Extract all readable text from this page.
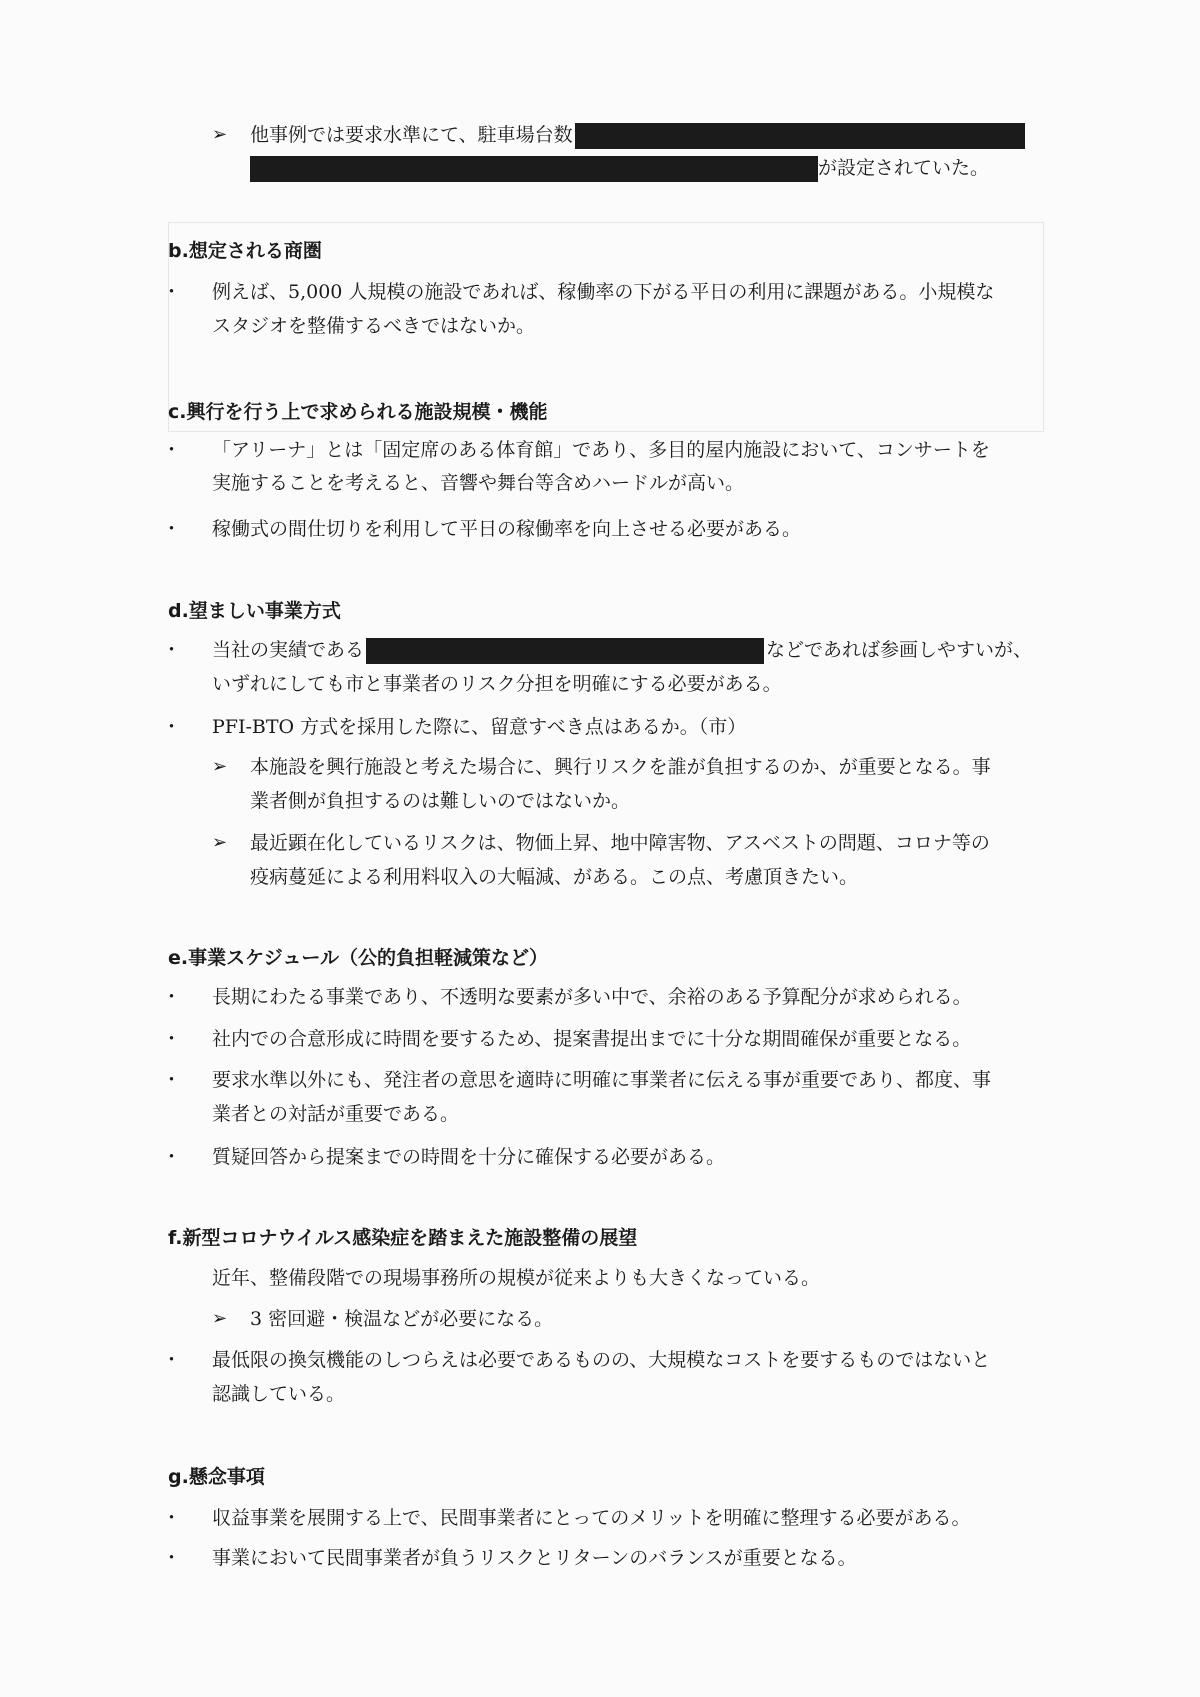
➢ 他事例では要求水準にて、駐車場台数
が設定されていた。
b.想定される商圏
・ 例えば、5,000 人規模の施設であれば、稼働率の下がる平日の利用に課題がある。小規模な
スタジオを整備するべきではないか。
c.興行を行う上で求められる施設規模・機能
・ 「アリーナ」とは「固定席のある体育館」であり、多目的屋内施設において、コンサートを
実施することを考えると、音響や舞台等含めハードルが高い。
・ 稼働式の間仕切りを利用して平日の稼働率を向上させる必要がある。
d.望ましい事業方式
・ 当社の実績である	などであれば参画しやすいが、
いずれにしても市と事業者のリスク分担を明確にする必要がある。
・ PFI-BTO 方式を採用した際に、留意すべき点はあるか。（市）
➢ 本施設を興行施設と考えた場合に、興行リスクを誰が負担するのか、が重要となる。事
業者側が負担するのは難しいのではないか。
➢ 最近顕在化しているリスクは、物価上昇、地中障害物、アスベストの問題、コロナ等の
疫病蔓延による利用料収入の大幅減、がある。この点、考慮頂きたい。
e.事業スケジュール（公的負担軽減策など）
・ 長期にわたる事業であり、不透明な要素が多い中で、余裕のある予算配分が求められる。
・ 社内での合意形成に時間を要するため、提案書提出までに十分な期間確保が重要となる。
・ 要求水準以外にも、発注者の意思を適時に明確に事業者に伝える事が重要であり、都度、事
業者との対話が重要である。
・ 質疑回答から提案までの時間を十分に確保する必要がある。
f.新型コロナウイルス感染症を踏まえた施設整備の展望
近年、整備段階での現場事務所の規模が従来よりも大きくなっている。
➢ 3 密回避・検温などが必要になる。
・ 最低限の換気機能のしつらえは必要であるものの、大規模なコストを要するものではないと
認識している。
g.懸念事項
・ 収益事業を展開する上で、民間事業者にとってのメリットを明確に整理する必要がある。
・ 事業において民間事業者が負うリスクとリターンのバランスが重要となる。
